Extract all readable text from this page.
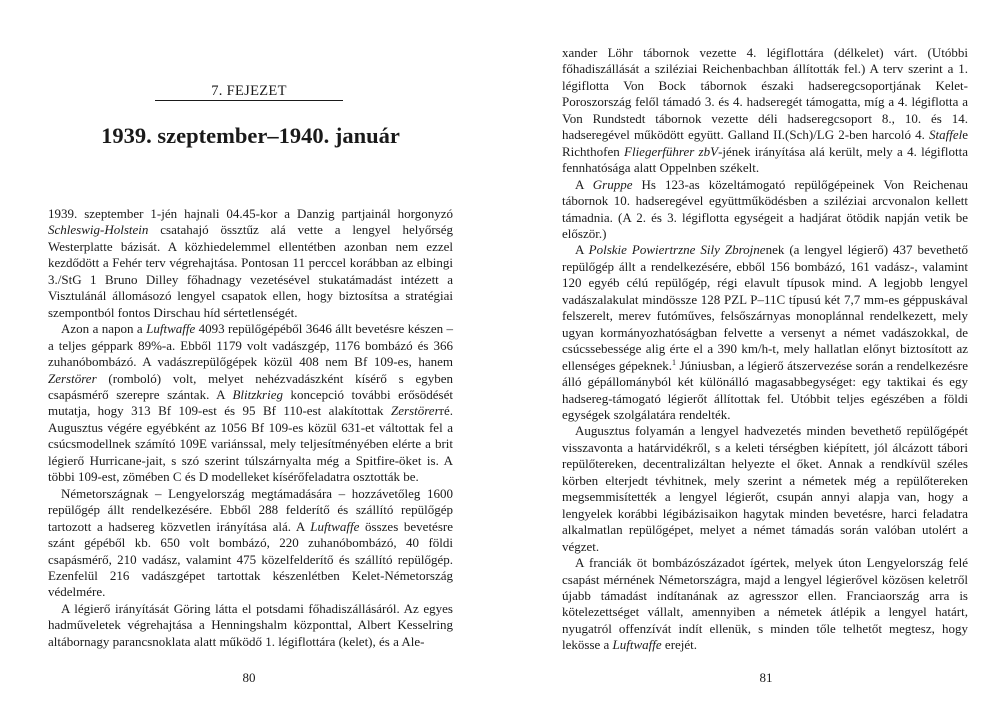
7. FEJEZET
1939. szeptember–1940. január

1939. szeptember 1-jén hajnali 04.45-kor a Danzig partjainál horgonyzó Schleswig-Holstein csatahajó össztűz alá vette a lengyel helyőrség Westerplatte bázisát. A közhiedelemmel ellentétben azonban nem ezzel kezdődött a Fehér terv végrehajtása. Pontosan 11 perccel korábban az elbingi 3./StG 1 Bruno Dilley főhadnagy vezetésével stukatámadást intézett a Visztulánál állomásozó lengyel csapatok ellen, hogy biztosítsa a stratégiai szempontból fontos Dirschau híd sértetlenségét.

Azon a napon a Luftwaffe 4093 repülőgépéből 3646 állt bevetésre készen – a teljes géppark 89%-a. Ebből 1179 volt vadászgép, 1176 bombázó és 366 zuhanóbombázó. A vadászrepülőgépek közül 408 nem Bf 109-es, hanem Zerstörer (romboló) volt, melyet nehézvadászként kísérő s egyben csapásmérő szerepre szántak. A Blitzkrieg koncepció további erősödését mutatja, hogy 313 Bf 109-est és 95 Bf 110-est alakítottak Zerstörerré. Augusztus végére egyébként az 1056 Bf 109-es közül 631-et váltottak fel a csúcsmodellnek számító 109E variánssal, mely teljesítményében elérte a brit légierő Hurricane-jait, s szó szerint túlszárnyalta még a Spitfire-öket is. A többi 109-est, zömében C és D modelleket kísérőfeladatra osztották be.

Németországnak – Lengyelország megtámadására – hozzávetőleg 1600 repülőgép állt rendelkezésére. Ebből 288 felderítő és szállító repülőgép tartozott a hadsereg közvetlen irányítása alá. A Luftwaffe összes bevetésre szánt gépéből kb. 650 volt bombázó, 220 zuhanóbombázó, 40 földi csapásmérő, 210 vadász, valamint 475 közelfelderítő és szállító repülőgép. Ezenfelül 216 vadászgépet tartottak készenlétben Kelet-Németország védelmére.

A légierő irányítását Göring látta el potsdami főhadiszállásáról. Az egyes hadműveletek végrehajtása a Henningshalm központtal, Albert Kesselring altábornagy parancsnoklata alatt működő 1. légiflottára (kelet), és a Ale-

80

xander Löhr tábornok vezette 4. légiflottára (délkelet) várt. (Utóbbi főhadiszállását a sziléziai Reichenbachban állították fel.) A terv szerint a 1. légiflotta Von Bock tábornok északi hadseregcsoportjának Kelet-Poroszország felől támadó 3. és 4. hadseregét támogatta, míg a 4. légiflotta a Von Rundstedt tábornok vezette déli hadseregcsoport 8., 10. és 14. hadseregével működött együtt. Galland II.(Sch)/LG 2-ben harcoló 4. Staffele Richthofen Fliegerführer zbV-jének irányítása alá került, mely a 4. légiflotta fennhatósága alatt Oppelnben székelt.

A Gruppe Hs 123-as közeltámogató repülőgépeinek Von Reichenau tábornok 10. hadseregével együttműködésben a sziléziai arcvonalon kellett támadnia. (A 2. és 3. légiflotta egységeit a hadjárat ötödik napján vetik be először.)

A Polskie Powiertrzne Sily Zbrojnenek (a lengyel légierő) 437 bevethető repülőgép állt a rendelkezésére, ebből 156 bombázó, 161 vadász-, valamint 120 egyéb célú repülőgép, régi elavult típusok mind. A legjobb lengyel vadászalakulat mindössze 128 PZL P–11C típusú két 7,7 mm-es géppuskával felszerelt, merev futóműves, felsőszárnyas monoplánnal rendelkezett, mely ugyan kormányozhatóságban felvette a versenyt a német vadászokkal, de csúcssebessége alig érte el a 390 km/h-t, mely hallatlan előnyt biztosított az ellenséges gépeknek.$^1$ Júniusban, a légierő átszervezése során a rendelkezésre álló gépállományból két különálló magasabbegységet: egy taktikai és egy hadsereg-támogató légierőt állítottak fel. Utóbbit teljes egészében a földi egységek szolgálatára rendelték.

Augusztus folyamán a lengyel hadvezetés minden bevethető repülőgépét visszavonta a határvidékről, s a keleti térségben kiépített, jól álcázott tábori repülőtereken, decentralizáltan helyezte el őket. Annak a rendkívül széles körben elterjedt tévhitnek, mely szerint a németek még a repülőtereken megsemmisítették a lengyel légierőt, csupán annyi alapja van, hogy a lengyelek korábbi légibázisaikon hagytak minden bevetésre, harci feladatra alkalmatlan repülőgépet, melyet a német támadás során valóban utolért a végzet.

A franciák öt bombázószázadot ígértek, melyek úton Lengyelország felé csapást mérnének Németországra, majd a lengyel légierővel közösen keletről újabb támadást indítanának az agresszor ellen. Franciaország arra is kötelezettséget vállalt, amennyiben a németek átlépik a lengyel határt, nyugatról offenzívát indít ellenük, s minden tőle telhetőt megtesz, hogy lekösse a Luftwaffe erejét.

81
